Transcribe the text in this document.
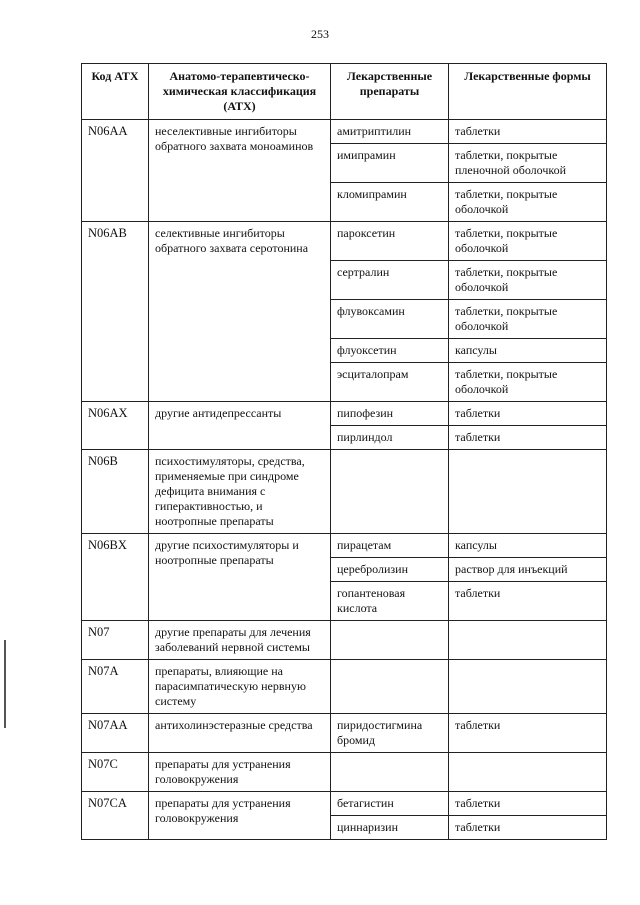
253
Код АТХ	Анатомо-терапевтическо-химическая классификация (АТХ)	Лекарственные препараты	Лекарственные формы
N06AA	неселективные ингибиторы обратного захвата моноаминов	амитриптилин	таблетки
		имипрамин	таблетки, покрытые пленочной оболочкой
		кломипрамин	таблетки, покрытые оболочкой
N06AB	селективные ингибиторы обратного захвата серотонина	пароксетин	таблетки, покрытые оболочкой
		сертралин	таблетки, покрытые оболочкой
		флувоксамин	таблетки, покрытые оболочкой
		флуоксетин	капсулы
		эсциталопрам	таблетки, покрытые оболочкой
N06AX	другие антидепрессанты	пипофезин	таблетки
		пирлиндол	таблетки
N06B	психостимуляторы, средства, применяемые при синдроме дефицита внимания с гиперактивностью, и ноотропные препараты		
N06BX	другие психостимуляторы и ноотропные препараты	пирацетам	капсулы
		церебролизин	раствор для инъекций
		гопантеновая кислота	таблетки
N07	другие препараты для лечения заболеваний нервной системы		
N07A	препараты, влияющие на парасимпатическую нервную систему		
N07AA	антихолинэстеразные средства	пиридостигмина бромид	таблетки
N07C	препараты для устранения головокружения		
N07CA	препараты для устранения головокружения	бетагистин	таблетки
		циннаризин	таблетки
